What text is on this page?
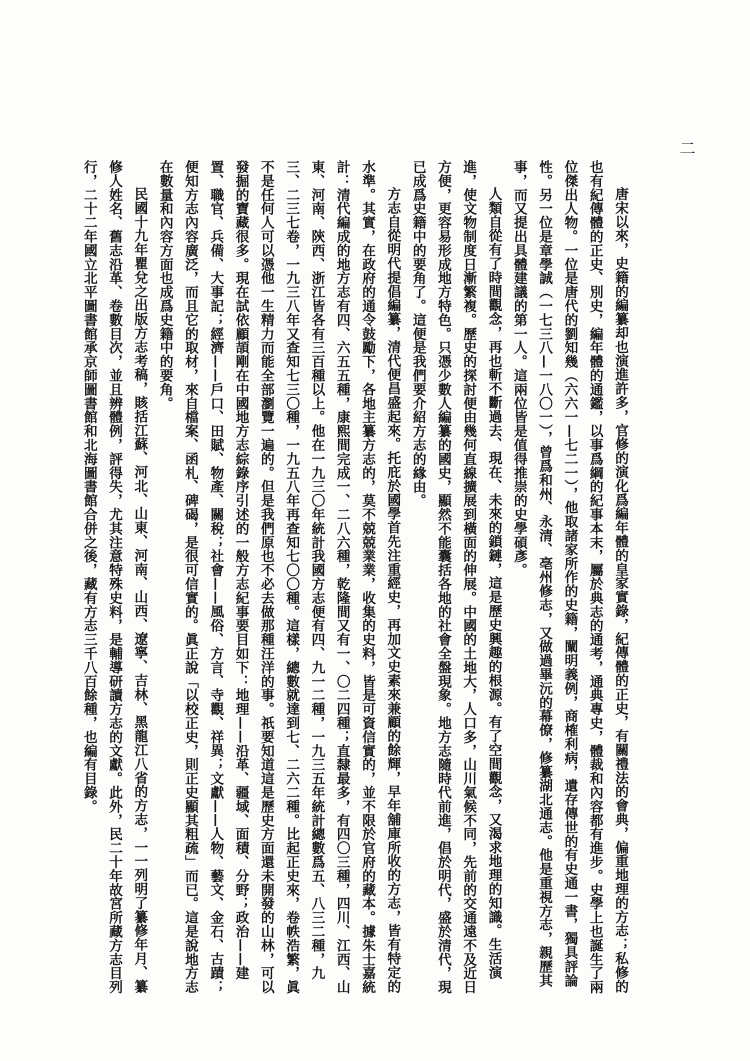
二

唐宋以來，史籍的編纂却也演進許多，官修的演化爲編年體的皇家實錄，紀傳體的正史，有關禮法的會典，偏重地理的方志；私修的也有紀傳體的正史、別史，編年體的通鑑，以事爲綱的紀事本末，屬於典志的通考，通典專史，體裁和內容都有進步。史學上也誕生了兩位傑出人物。一位是唐代的劉知幾（六六一—七二一），他取諸家所作的史籍，闡明義例，商榷利病，遺存傳世的有史通一書，獨具評論性。另一位是章學誠（一七三八—一八〇一），曾爲和州、永清、亳州修志，又做過畢沅的幕僚，修纂湖北通志。他是重視方志，親歷其事，而又提出具體建議的第一人。這兩位皆是值得推崇的史學碩彥。

人類自從有了時間觀念，再也斬不斷過去、現在、未來的鎖鏈，這是歷史興趣的根源。有了空間觀念，又渴求地理的知識。生活演進，使文物制度日漸繁複。歷史的探討便由幾何直線擴展到橫面的伸展。中國的土地大，人口多，山川氣候不同，先前的交通遠不及近日方便，更容易形成地方特色。只憑少數人編纂的國史，顯然不能囊括各地的社會全盤現象。地方志隨時代前進，倡於明代，盛於清代，現已成爲史籍中的要角了。這便是我們要介紹方志的緣由。

方志自從明代提倡編纂，清代便昌盛起來。托庇於國學首先注重經史，再加文史素來兼顧的餘輝，早年舖庫所收的方志，皆有特定的水準。其實，在政府的通令鼓勵下，各地主纂方志的，莫不兢兢業業，收集的史料，皆是可資信實的，並不限於官府的藏本。據朱士嘉統計：清代編成的地方志有四、六五五種，康熙間完成一、二八六種，乾隆間又有一、〇二四種；直隸最多，有四〇三種，四川、江西、山東、河南、陝西、浙江皆各有三百種以上。他在一九三〇年統計我國方志便有四、九一二種，一九三五年統計總數爲五、八三二種，九三、二三七卷，一九三八年又查知七三〇種，一九五八年再查知七〇〇種。這樣，總數就達到七、二六二種。比起正史來，卷帙浩繁，眞不是任何人可以憑他一生精力而能全部瀏覽一遍的。但是我們原也不必去做那種汪洋的事。祇要知道這是歷史方面還未開發的山林，可以發掘的寶藏很多。現在試依顧頡剛在中國地方志綜錄序引述的一般方志紀事要目如下：地理——沿革、疆域、面積、分野；政治——建置、職官、兵備、大事記；經濟——戶口、田賦、物產、關稅；社會——風俗、方言、寺觀、祥異；文獻——人物、藝文、金石、古蹟；便知方志內容廣泛，而且它的取材，來自檔案、函札、碑碣，是很可信實的。眞正說「以校正史，則正史顯其粗疏」而已。這是說地方志在數量和內容方面也成爲史籍中的要角。

民國十九年瞿兌之出版方志考稿，賅括江蘇、河北、山東、河南、山西、遼寧、吉林、黑龍江八省的方志，一一列明了纂修年月、纂修人姓名、舊志沿革、卷數目次，並且辨體例，評得失，尤其注意特殊史料，是輔導研讀方志的文獻。此外，民二十年故宮所藏方志目列行，二十二年國立北平圖書館承京師圖書館和北海圖書館合併之後，藏有方志三千八百餘種，也編有目錄。
